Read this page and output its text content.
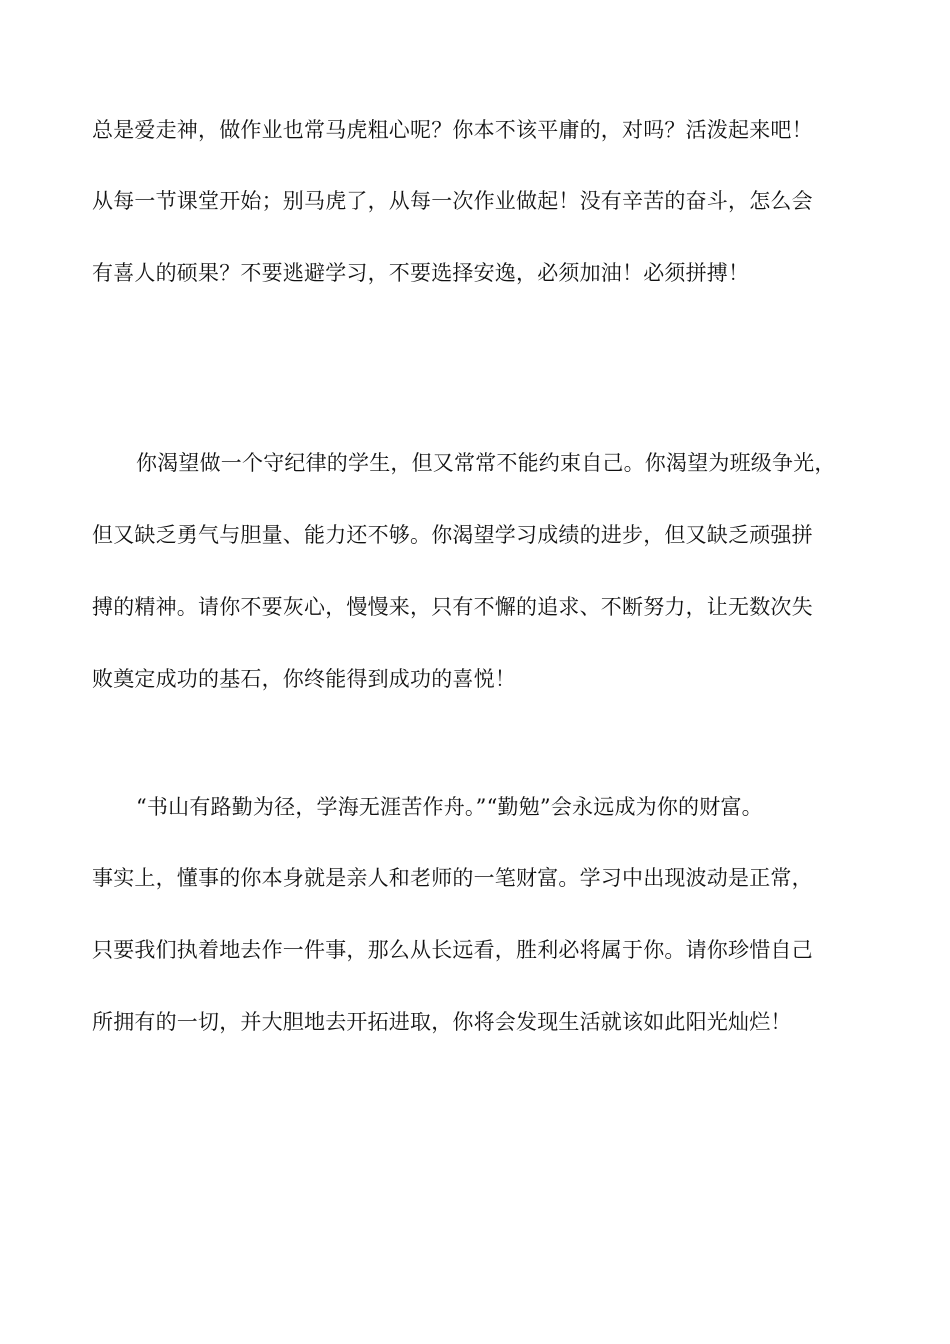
总是爱走神，做作业也常马虎粗心呢？你本不该平庸的，对吗？活泼起来吧！
从每一节课堂开始；别马虎了，从每一次作业做起！没有辛苦的奋斗，怎么会
有喜人的硕果？不要逃避学习，不要选择安逸，必须加油！必须拼搏！
你渴望做一个守纪律的学生，但又常常不能约束自己。你渴望为班级争光，
但又缺乏勇气与胆量、能力还不够。你渴望学习成绩的进步，但又缺乏顽强拼
搏的精神。请你不要灰心，慢慢来，只有不懈的追求、不断努力，让无数次失
败奠定成功的基石，你终能得到成功的喜悦！
“书山有路勤为径，学海无涯苦作舟。”“勤勉”会永远成为你的财富。
事实上，懂事的你本身就是亲人和老师的一笔财富。学习中出现波动是正常，
只要我们执着地去作一件事，那么从长远看，胜利必将属于你。请你珍惜自己
所拥有的一切，并大胆地去开拓进取，你将会发现生活就该如此阳光灿烂！
